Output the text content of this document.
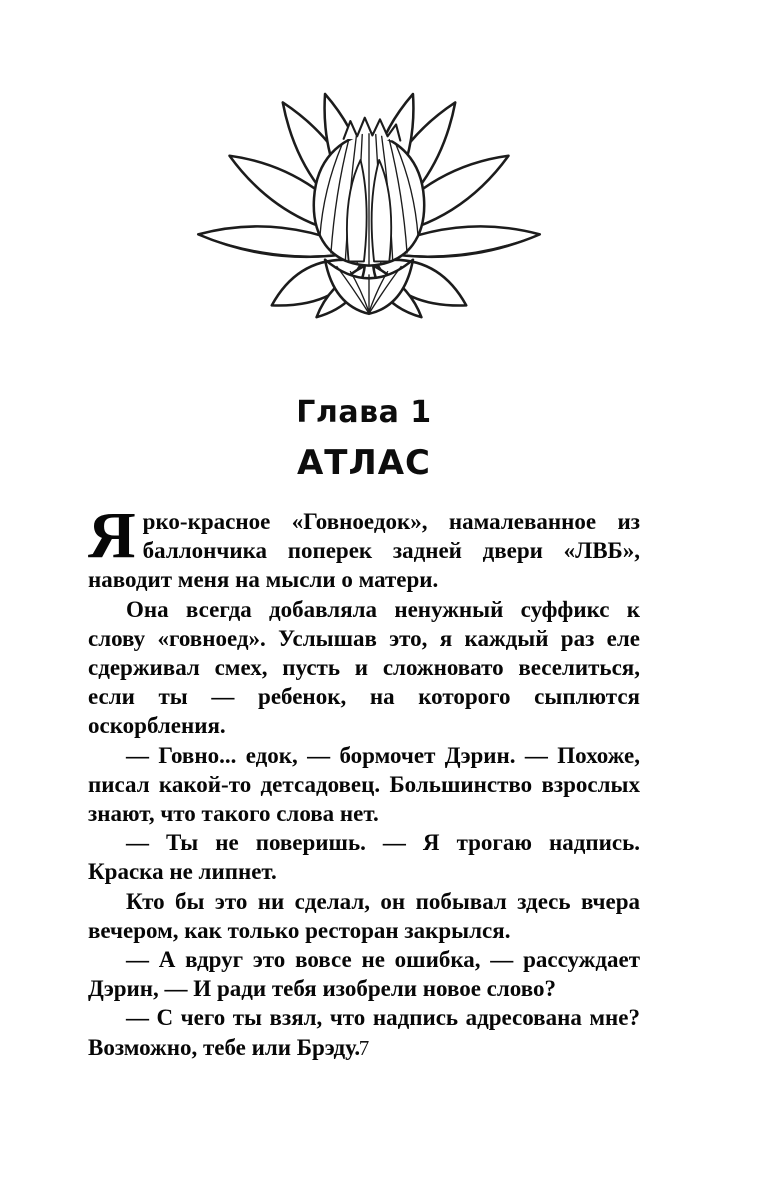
Глава 1
АТЛАС

Ярко-красное «Говноедок», намалеванное из баллончика поперек задней двери «ЛВБ», наводит меня на мысли о матери.

Она всегда добавляла ненужный суффикс к слову «говноед». Услышав это, я каждый раз еле сдерживал смех, пусть и сложновато веселиться, если ты — ребенок, на которого сыплются оскорбления.

— Говно... едок, — бормочет Дэрин. — Похоже, писал какой-то детсадовец. Большинство взрослых знают, что такого слова нет.

— Ты не поверишь. — Я трогаю надпись. Краска не липнет.

Кто бы это ни сделал, он побывал здесь вчера вечером, как только ресторан закрылся.

— А вдруг это вовсе не ошибка, — рассуждает Дэрин, — И ради тебя изобрели новое слово?

— С чего ты взял, что надпись адресована мне? Возможно, тебе или Брэду.

7
